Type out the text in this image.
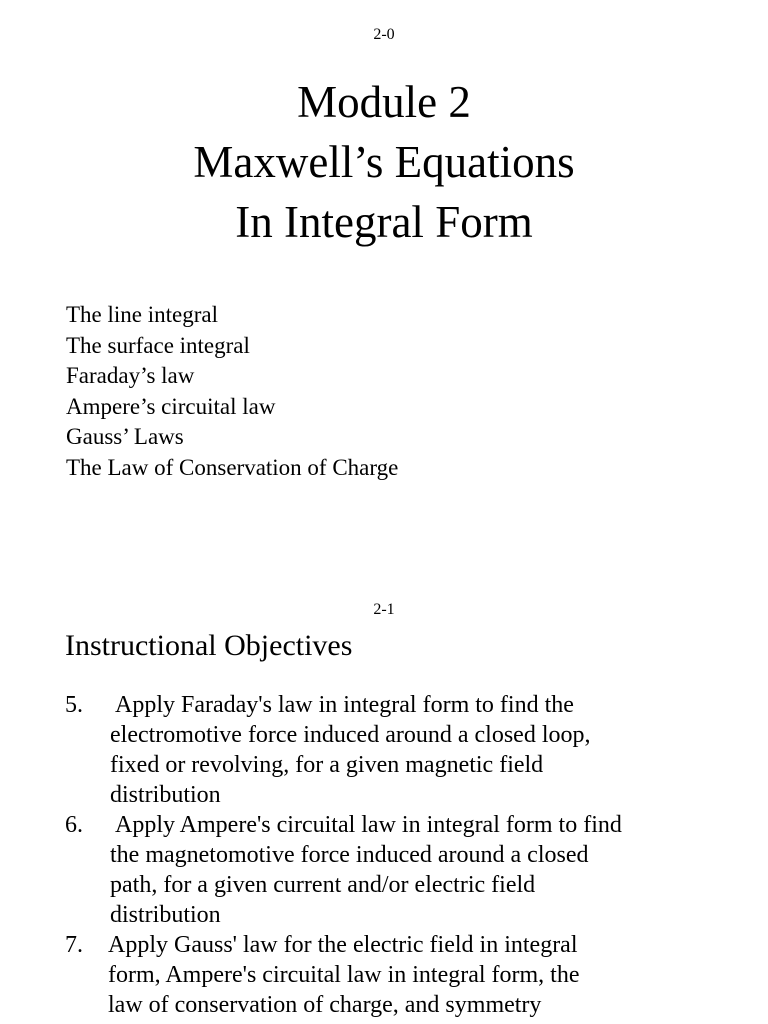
2-0
Module 2
Maxwell’s Equations
In Integral Form
The line integral
The surface integral
Faraday’s law
Ampere’s circuital law
Gauss’ Laws
The Law of Conservation of Charge
2-1
Instructional Objectives
5. Apply Faraday's law in integral form to find the
electromotive force induced around a closed loop,
fixed or revolving, for a given magnetic field
distribution
6. Apply Ampere's circuital law in integral form to find
the magnetomotive force induced around a closed
path, for a given current and/or electric field
distribution
7. Apply Gauss' law for the electric field in integral
form, Ampere's circuital law in integral form, the
law of conservation of charge, and symmetry
